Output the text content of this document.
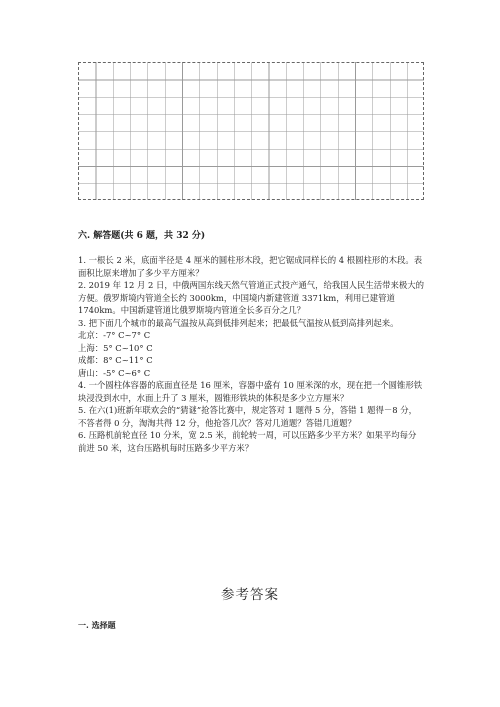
六. 解答题(共 6 题，共 32 分)

1. 一根长 2 米，底面半径是 4 厘米的圆柱形木段，把它锯成同样长的 4 根圆柱形的木段。表面积比原来增加了多少平方厘米？

2. 2019 年 12 月 2 日，中俄两国东线天然气管道正式投产通气，给我国人民生活带来极大的方便。俄罗斯境内管道全长约 3000km，中国境内新建管道 3371km，利用已建管道 1740km。中国新建管道比俄罗斯境内管道全长多百分之几？

3. 把下面几个城市的最高气温按从高到低排列起来；把最低气温按从低到高排列起来。

北京：-7° C~7° C

上海：5° C~10° C

成都：8° C~11° C

唐山：-5° C~6° C

4. 一个圆柱体容器的底面直径是 16 厘米，容器中盛有 10 厘米深的水，现在把一个圆锥形铁块浸没到水中，水面上升了 3 厘米，圆锥形铁块的体积是多少立方厘米？

5. 在六(1)班新年联欢会的“猜谜”抢答比赛中，规定答对 1 题得 5 分，答错 1 题得－8 分，不答者得 0 分，淘淘共得 12 分，他抢答几次？答对几道题？答错几道题？

6. 压路机前轮直径 10 分米，宽 2.5 米，前轮转一周，可以压路多少平方米？如果平均每分前进 50 米，这台压路机每时压路多少平方米？

参考答案
一. 选择题
